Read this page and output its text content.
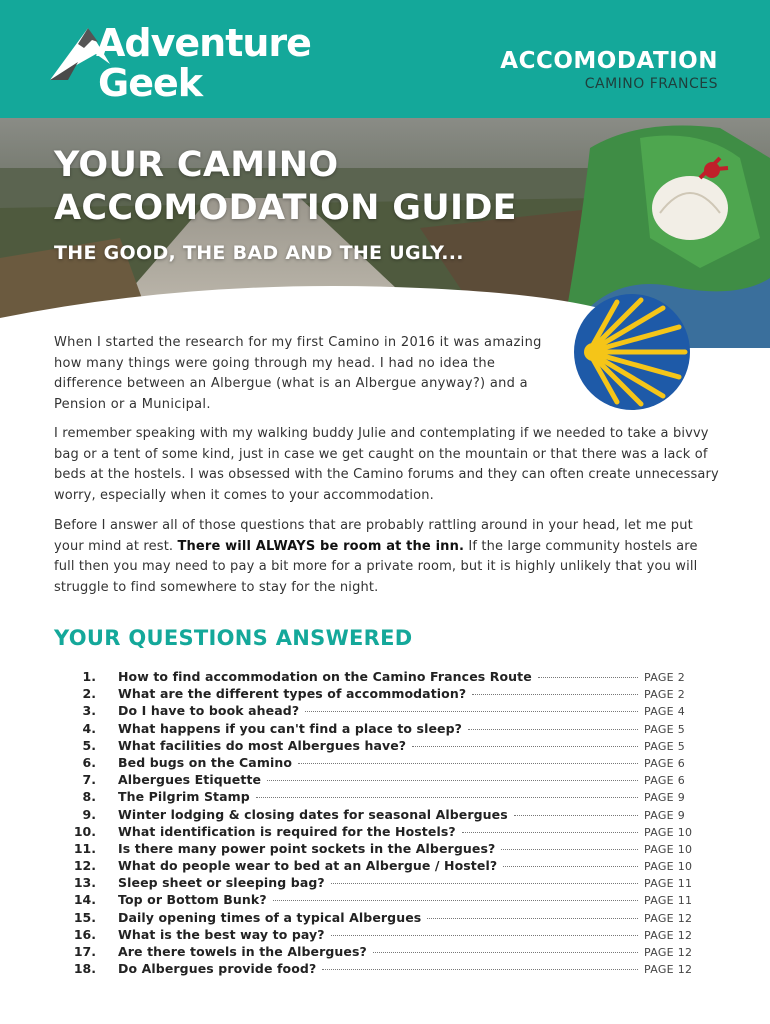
Adventure
Geek	ACCOMODATION
CAMINO FRANCES
YOUR CAMINO
ACCOMODATION GUIDE
THE GOOD, THE BAD AND THE UGLY...

When I started the research for my first Camino in 2016 it was amazing how many things were going through my head. I had no idea the difference between an Albergue (what is an Albergue anyway?) and a Pension or a Municipal.

I remember speaking with my walking buddy Julie and contemplating if we needed to take a bivvy bag or a tent of some kind, just in case we get caught on the mountain or that there was a lack of beds at the hostels. I was obsessed with the Camino forums and they can often create unnecessary worry, especially when it comes to your accommodation.

Before I answer all of those questions that are probably rattling around in your head, let me put your mind at rest. There will ALWAYS be room at the inn. If the large community hostels are full then you may need to pay a bit more for a private room, but it is highly unlikely that you will struggle to find somewhere to stay for the night.

YOUR QUESTIONS ANSWERED
1. How to find accommodation on the Camino Frances Route	PAGE 2
2. What are the different types of accommodation?	PAGE 2
3. Do I have to book ahead?	PAGE 4
4. What happens if you can't find a place to sleep?	PAGE 5
5. What facilities do most Albergues have?	PAGE 5
6. Bed bugs on the Camino	PAGE 6
7. Albergues Etiquette	PAGE 6
8. The Pilgrim Stamp	PAGE 9
9. Winter lodging & closing dates for seasonal Albergues	PAGE 9
10. What identification is required for the Hostels?	PAGE 10
11. Is there many power point sockets in the Albergues?	PAGE 10
12. What do people wear to bed at an Albergue / Hostel?	PAGE 10
13. Sleep sheet or sleeping bag?	PAGE 11
14. Top or Bottom Bunk?	PAGE 11
15. Daily opening times of a typical Albergues	PAGE 12
16. What is the best way to pay?	PAGE 12
17. Are there towels in the Albergues?	PAGE 12
18. Do Albergues provide food?	PAGE 12
